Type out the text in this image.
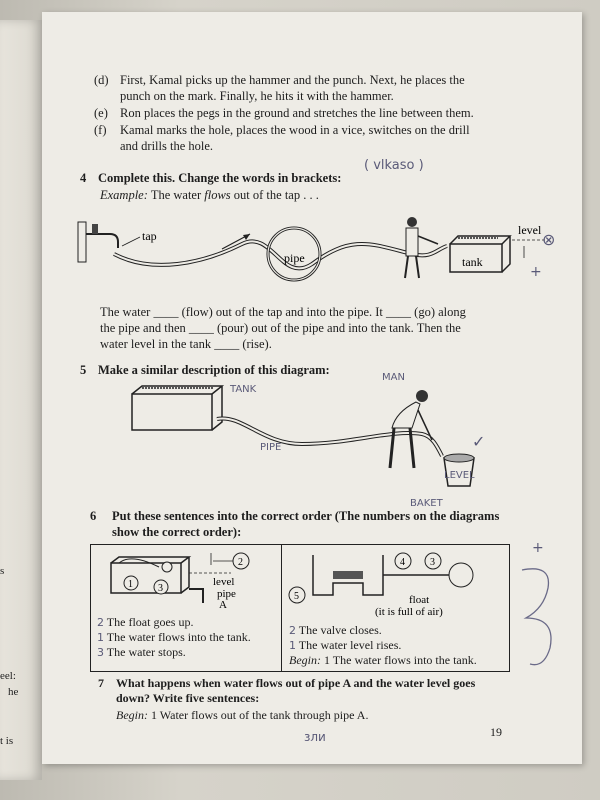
s
eel:
he
t is
(d) First, Kamal picks up the hammer and the punch. Next, he places the
punch on the mark. Finally, he hits it with the hammer.
(e) Ron places the pegs in the ground and stretches the line between them.
(f) Kamal marks the hole, places the wood in a vice, switches on the drill
and drills the hole.
4 Complete this. Change the words in brackets:
( vlkaso )
Example: The water flows out of the tap . . .
tap
pipe	tank
level ⊗
+
The water ____ (flow) out of the tap and into the pipe. It ____ (go) along
the pipe and then ____ (pour) out of the pipe and into the tank. Then the
water level in the tank ____ (rise).
5 Make a similar description of this diagram:
MAN
TANK
PIPE
LEVEL
BAKET
✓
6 Put these sentences into the correct order (The numbers on the diagrams
show the correct order):
1	3
2
level
pipe
A
5
4	3
float
(it is full of air)
2 The float goes up.
1 The water flows into the tank.
3 The water stops.
2 The valve closes.
1 The water level rises.
Begin: 1 The water flows into the tank.
+
7 What happens when water flows out of pipe A and the water level goes
down? Write five sentences:
Begin: 1 Water flows out of the tank through pipe A.
зли	19
